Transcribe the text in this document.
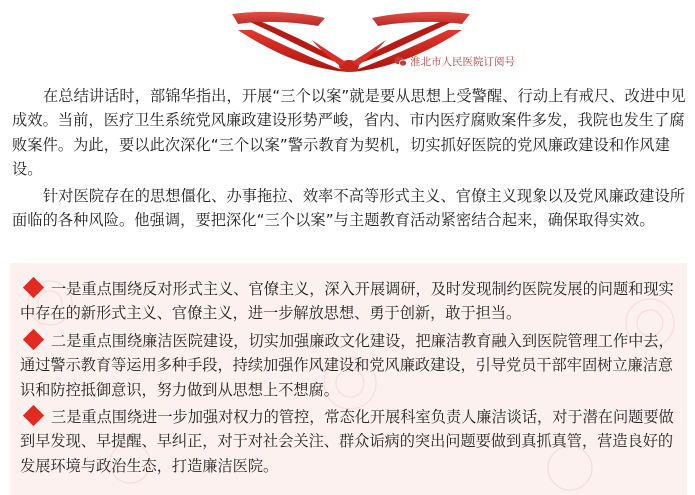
淮北市人民医院订阅号

在总结讲话时，部锦华指出，开展“三个以案”就是要从思想上受警醒、行动上有戒尺、改进中见成效。当前，医疗卫生系统党风廉政建设形势严峻，省内、市内医疗腐败案件多发，我院也发生了腐败案件。为此，要以此次深化“三个以案”警示教育为契机，切实抓好医院的党风廉政建设和作风建设。

针对医院存在的思想僵化、办事拖拉、效率不高等形式主义、官僚主义现象以及党风廉政建设所面临的各种风险。他强调，要把深化“三个以案”与主题教育活动紧密结合起来，确保取得实效。

一是重点围绕反对形式主义、官僚主义，深入开展调研，及时发现制约医院发展的问题和现实中存在的新形式主义、官僚主义，进一步解放思想、勇于创新，敢于担当。
二是重点围绕廉洁医院建设，切实加强廉政文化建设，把廉洁教育融入到医院管理工作中去，通过警示教育等运用多种手段，持续加强作风建设和党风廉政建设，引导党员干部牢固树立廉洁意识和防控抵御意识，努力做到从思想上不想腐。
三是重点围绕进一步加强对权力的管控，常态化开展科室负责人廉洁谈话，对于潜在问题要做到早发现、早提醒、早纠正，对于对社会关注、群众诟病的突出问题要做到真抓真管，营造良好的发展环境与政治生态，打造廉洁医院。
